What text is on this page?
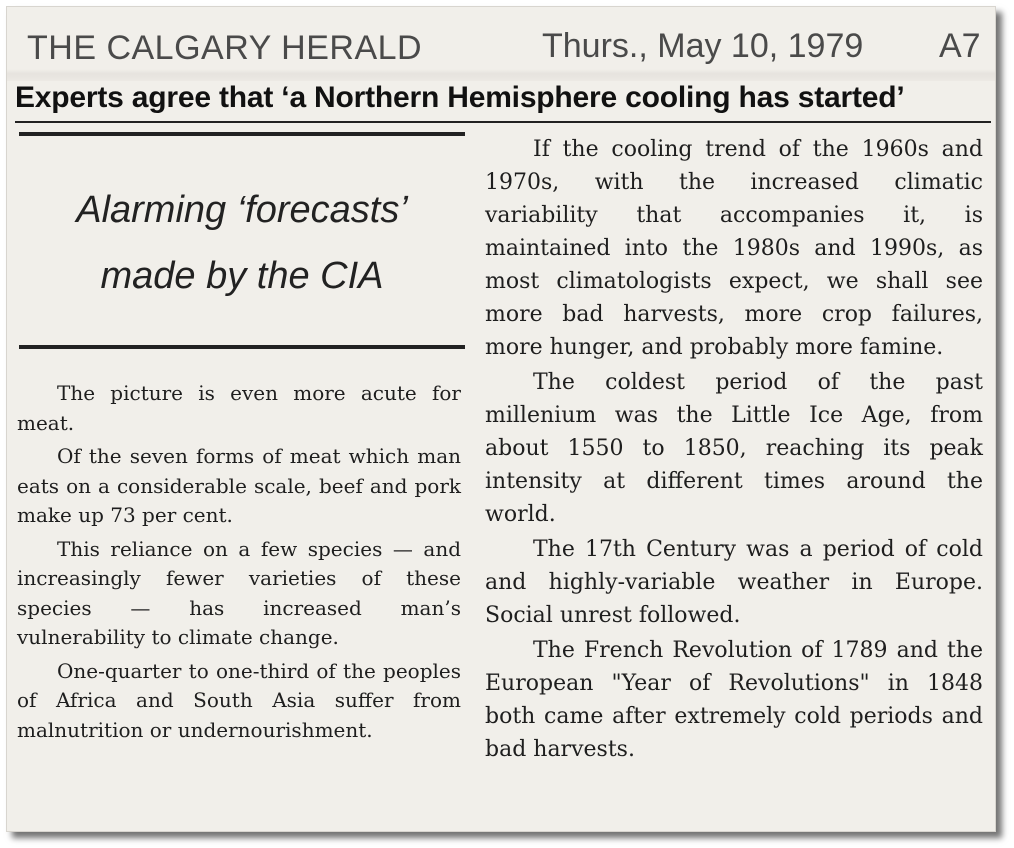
THE CALGARY HERALD	Thurs., May 10, 1979 A7
Experts agree that ‘a Northern Hemisphere cooling has started’
Alarming ‘forecasts’
made by the CIA

The picture is even more acute for meat.

Of the seven forms of meat which man eats on a considerable scale, beef and pork make up 73 per cent.

This reliance on a few species — and increasingly fewer varieties of these species — has increased man’s vulnerability to climate change.

One-quarter to one-third of the peoples of Africa and South Asia suffer from malnutrition or undernourishment.

If the cooling trend of the 1960s and 1970s, with the increased climatic variability that accompanies it, is maintained into the 1980s and 1990s, as most climatologists expect, we shall see more bad harvests, more crop failures, more hunger, and probably more famine.

The coldest period of the past millenium was the Little Ice Age, from about 1550 to 1850, reaching its peak intensity at different times around the world.

The 17th Century was a period of cold and highly-variable weather in Europe. Social unrest followed.

The French Revolution of 1789 and the European "Year of Revolutions" in 1848 both came after extremely cold periods and bad harvests.
